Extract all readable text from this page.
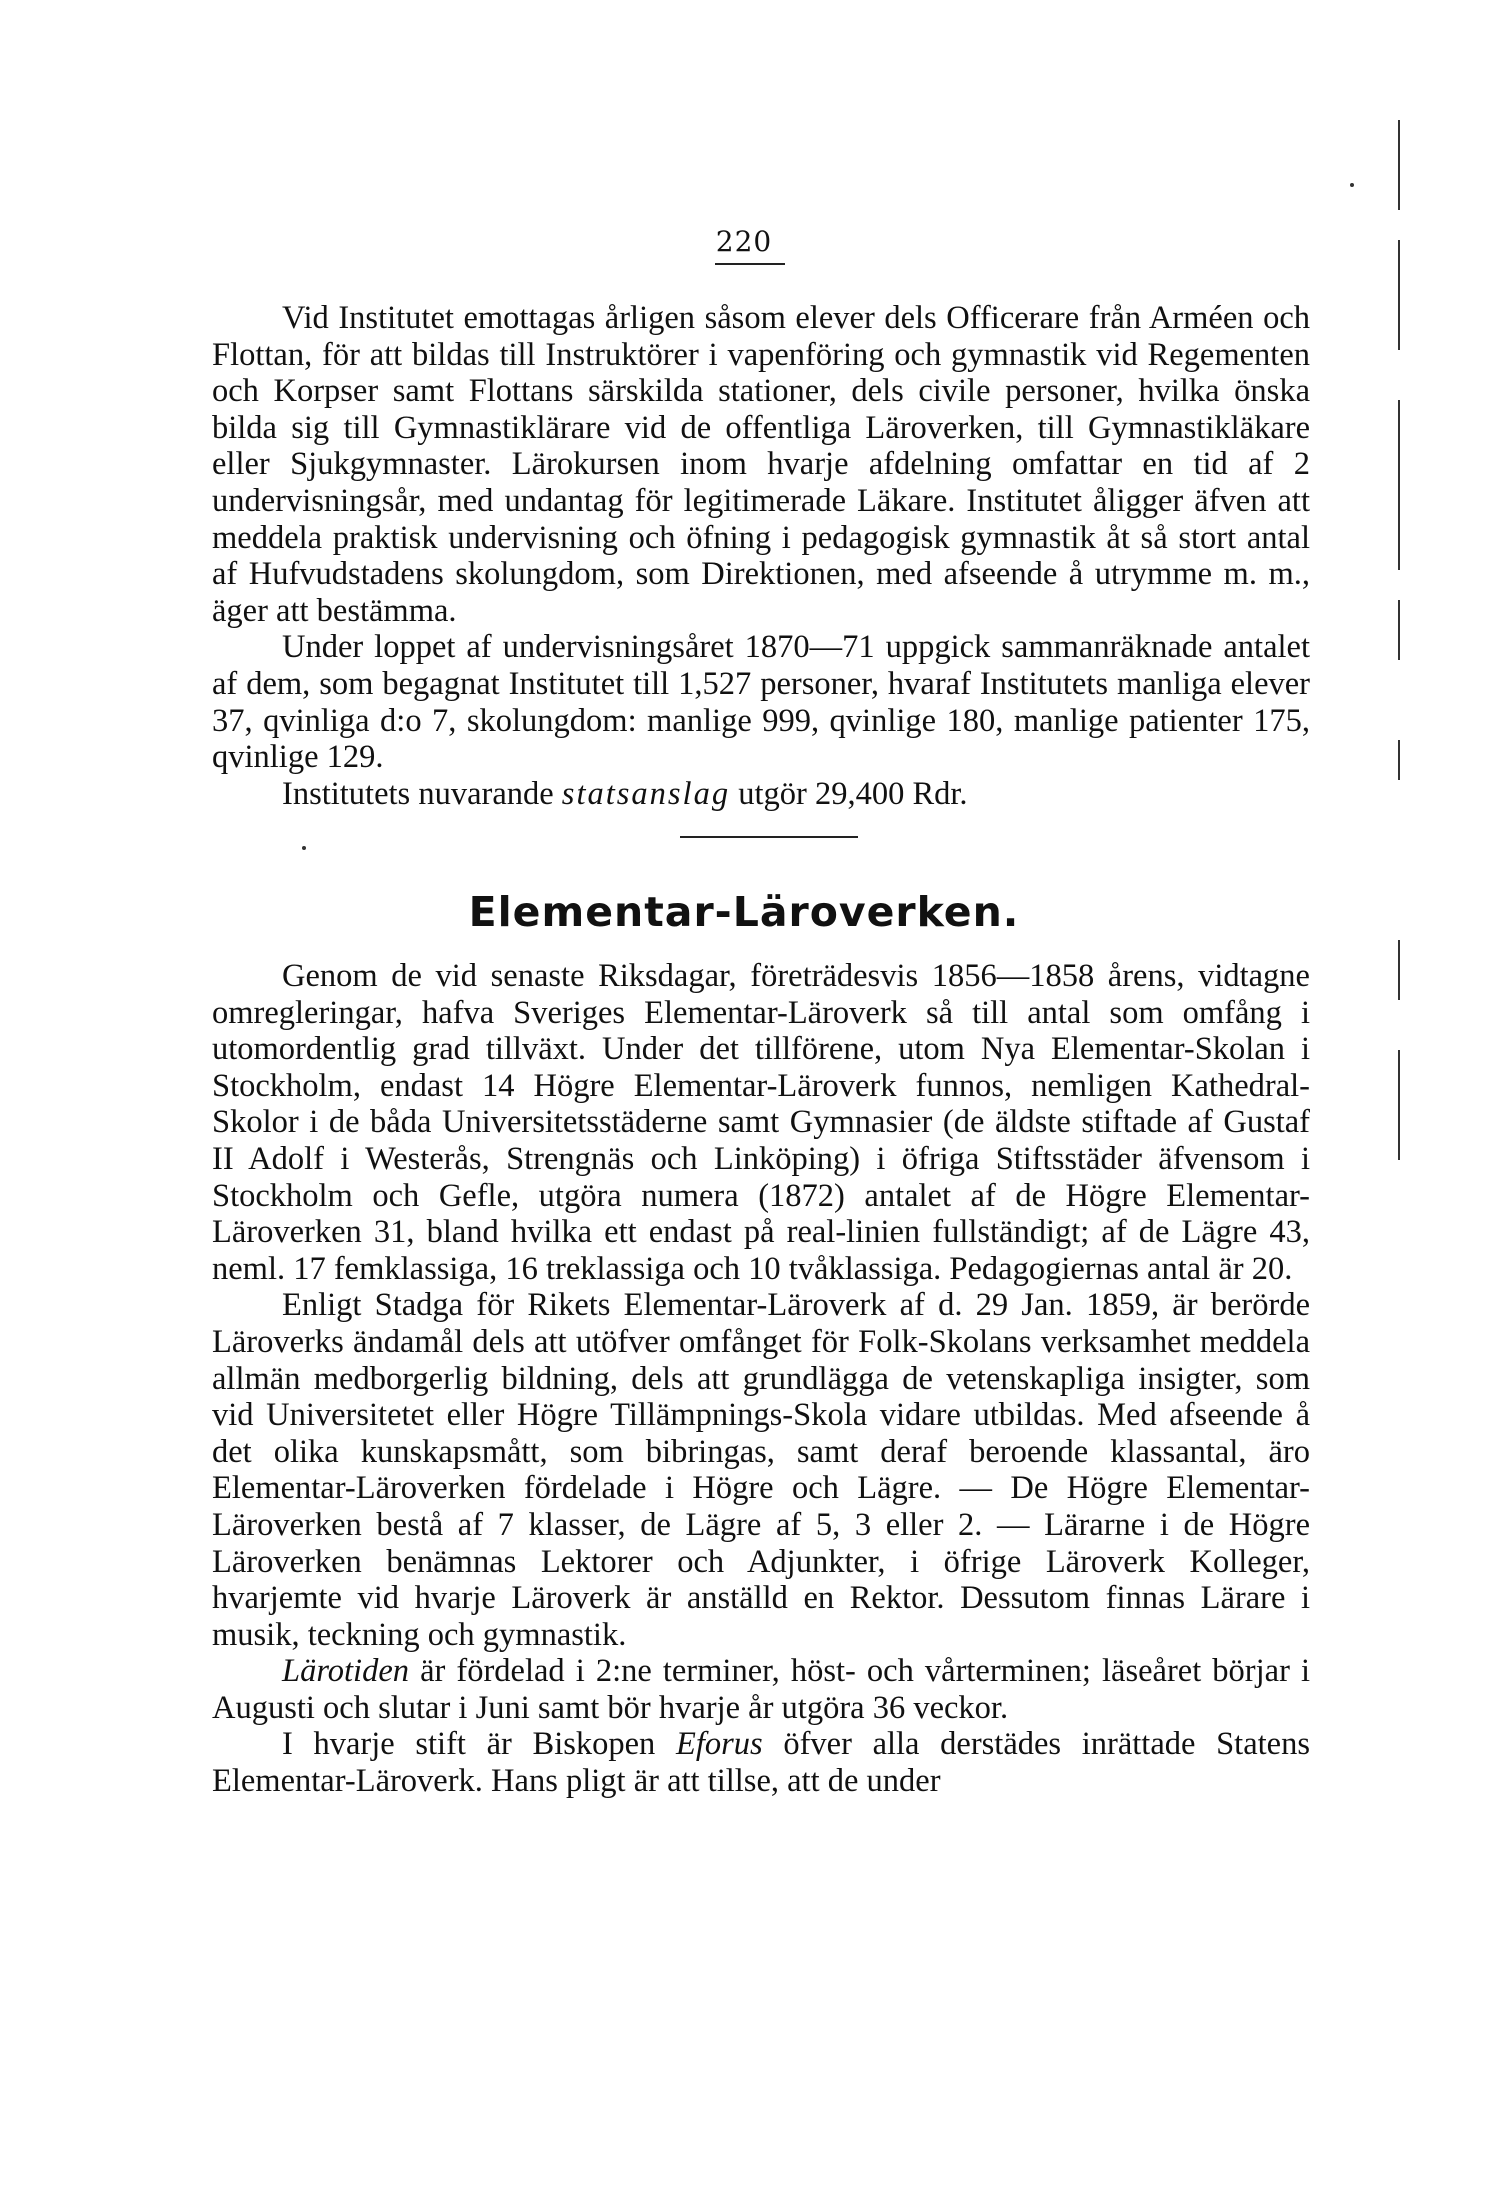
220

Vid Institutet emottagas årligen såsom elever dels Officerare från Arméen och Flottan, för att bildas till Instruktörer i vapenföring och gymnastik vid Regementen och Korpser samt Flottans särskilda stationer, dels civile personer, hvilka önska bilda sig till Gymnastiklärare vid de offentliga Läroverken, till Gymnastikläkare eller Sjukgymnaster. Lärokursen inom hvarje afdelning omfattar en tid af 2 undervisningsår, med undantag för legitimerade Läkare. Institutet åligger äfven att meddela praktisk undervisning och öfning i pedagogisk gymnastik åt så stort antal af Hufvudstadens skolungdom, som Direktionen, med afseende å utrymme m. m., äger att bestämma.

Under loppet af undervisningsåret 1870—71 uppgick sammanräknade antalet af dem, som begagnat Institutet till 1,527 personer, hvaraf Institutets manliga elever 37, qvinliga d:o 7, skolungdom: manlige 999, qvinlige 180, manlige patienter 175, qvinlige 129.

Institutets nuvarande statsanslag utgör 29,400 Rdr.

Elementar-Läroverken.

Genom de vid senaste Riksdagar, företrädesvis 1856—1858 årens, vidtagne omregleringar, hafva Sveriges Elementar-Läroverk så till antal som omfång i utomordentlig grad tillväxt. Under det tillförene, utom Nya Elementar-Skolan i Stockholm, endast 14 Högre Elementar-Läroverk funnos, nemligen Kathedral-Skolor i de båda Universitetsstäderne samt Gymnasier (de äldste stiftade af Gustaf II Adolf i Westerås, Strengnäs och Linköping) i öfriga Stiftsstäder äfvensom i Stockholm och Gefle, utgöra numera (1872) antalet af de Högre Elementar-Läroverken 31, bland hvilka ett endast på real-linien fullständigt; af de Lägre 43, neml. 17 femklassiga, 16 treklassiga och 10 tvåklassiga. Pedagogiernas antal är 20.

Enligt Stadga för Rikets Elementar-Läroverk af d. 29 Jan. 1859, är berörde Läroverks ändamål dels att utöfver omfånget för Folk-Skolans verksamhet meddela allmän medborgerlig bildning, dels att grundlägga de vetenskapliga insigter, som vid Universitetet eller Högre Tillämpnings-Skola vidare utbildas. Med afseende å det olika kunskapsmått, som bibringas, samt deraf beroende klassantal, äro Elementar-Läroverken fördelade i Högre och Lägre. — De Högre Elementar-Läroverken bestå af 7 klasser, de Lägre af 5, 3 eller 2. — Lärarne i de Högre Läroverken benämnas Lektorer och Adjunkter, i öfrige Läroverk Kolleger, hvarjemte vid hvarje Läroverk är anställd en Rektor. Dessutom finnas Lärare i musik, teckning och gymnastik.

Lärotiden är fördelad i 2:ne terminer, höst- och vårterminen; läseåret börjar i Augusti och slutar i Juni samt bör hvarje år utgöra 36 veckor.

I hvarje stift är Biskopen Eforus öfver alla derstädes inrättade Statens Elementar-Läroverk. Hans pligt är att tillse, att de under
